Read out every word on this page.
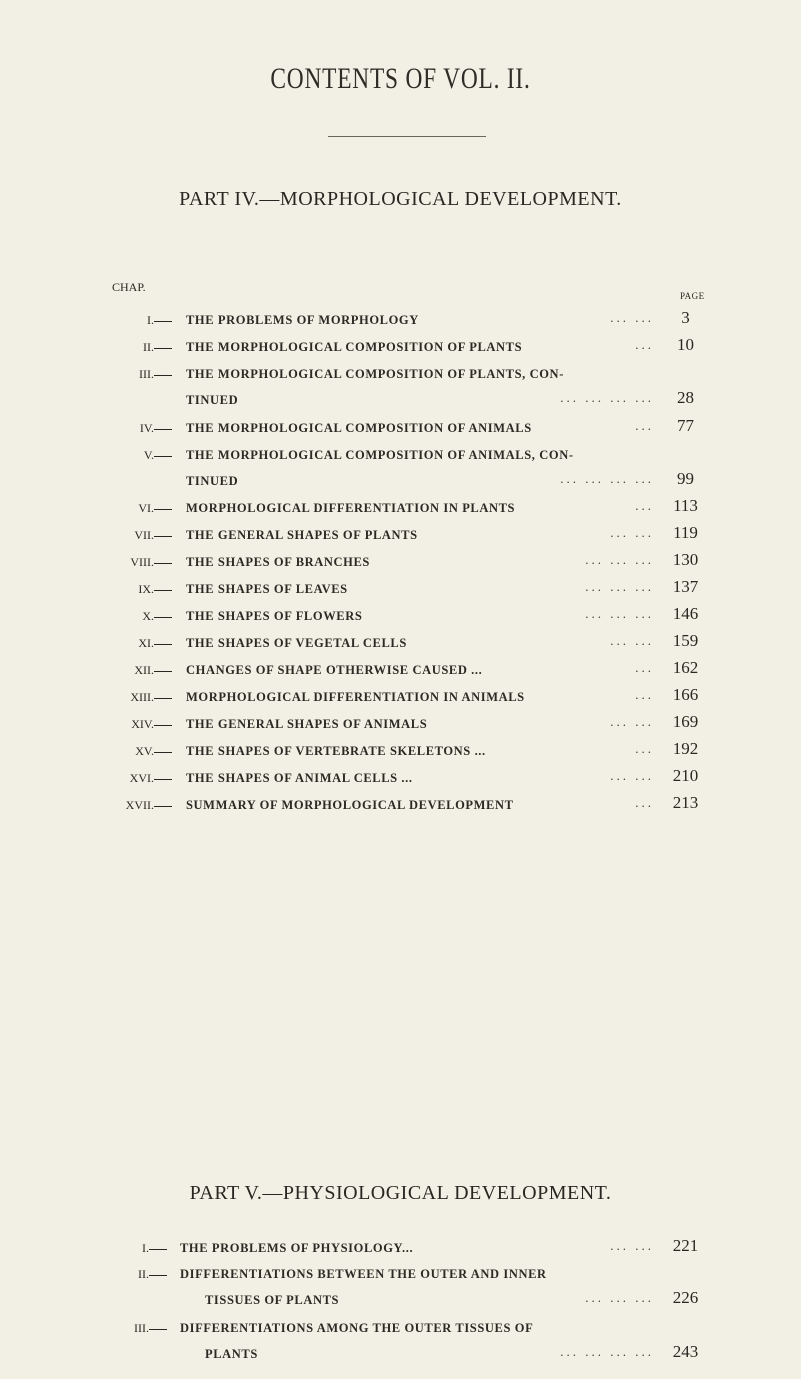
CONTENTS OF VOL. II.
PART IV.—MORPHOLOGICAL DEVELOPMENT.
CHAP.
PAGE
I.	THE PROBLEMS OF MORPHOLOGY	... ...	3
II.	THE MORPHOLOGICAL COMPOSITION OF PLANTS	...	10
III.	THE MORPHOLOGICAL COMPOSITION OF PLANTS, CON-
TINUED	... ... ... ...	28
IV.	THE MORPHOLOGICAL COMPOSITION OF ANIMALS	...	77
V.	THE MORPHOLOGICAL COMPOSITION OF ANIMALS, CON-
TINUED	... ... ... ...	99
VI.	MORPHOLOGICAL DIFFERENTIATION IN PLANTS	...	113
VII.	THE GENERAL SHAPES OF PLANTS	... ...	119
VIII.	THE SHAPES OF BRANCHES	... ... ...	130
IX.	THE SHAPES OF LEAVES	... ... ...	137
X.	THE SHAPES OF FLOWERS	... ... ...	146
XI.	THE SHAPES OF VEGETAL CELLS	... ...	159
XII.	CHANGES OF SHAPE OTHERWISE CAUSED ...	...	162
XIII.	MORPHOLOGICAL DIFFERENTIATION IN ANIMALS	...	166
XIV.	THE GENERAL SHAPES OF ANIMALS	... ...	169
XV.	THE SHAPES OF VERTEBRATE SKELETONS ...	...	192
XVI.	THE SHAPES OF ANIMAL CELLS ...	... ...	210
XVII.	SUMMARY OF MORPHOLOGICAL DEVELOPMENT	...	213
PART V.—PHYSIOLOGICAL DEVELOPMENT.
I. THE PROBLEMS OF PHYSIOLOGY...	... ...	221
II. DIFFERENTIATIONS BETWEEN THE OUTER AND INNER
TISSUES OF PLANTS	... ... ...	226
III. DIFFERENTIATIONS AMONG THE OUTER TISSUES OF
PLANTS	... ... ... ...	243
